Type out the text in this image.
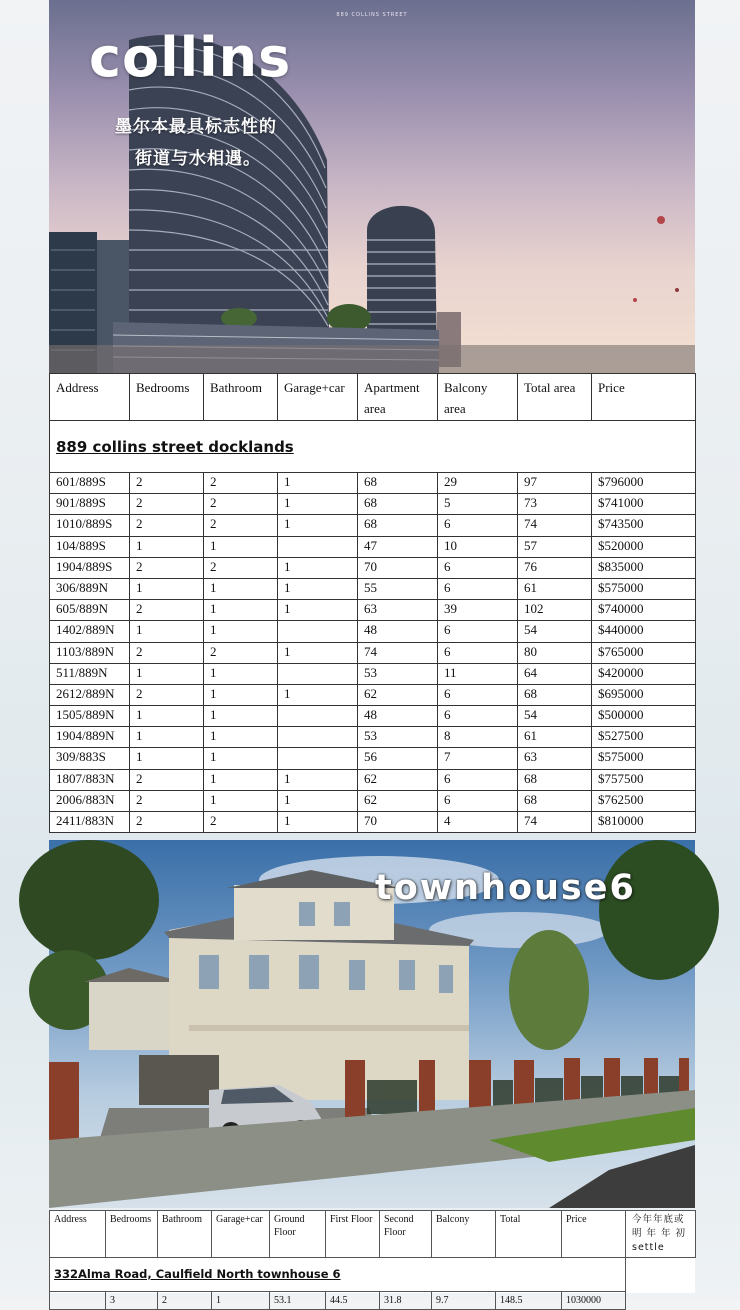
889 COLLINS STREET
collins
墨尔本最具标志性的
街道与水相遇。
Address	Bedrooms	Bathroom	Garage+car	Apartment area	Balcony area	Total area	Price
889 collins street docklands							
601/889S	2	2	1	68	29	97	$796000
901/889S	2	2	1	68	5	73	$741000
1010/889S	2	2	1	68	6	74	$743500
104/889S	1	1		47	10	57	$520000
1904/889S	2	2	1	70	6	76	$835000
306/889N	1	1	1	55	6	61	$575000
605/889N	2	1	1	63	39	102	$740000
1402/889N	1	1		48	6	54	$440000
1103/889N	2	2	1	74	6	80	$765000
511/889N	1	1		53	11	64	$420000
2612/889N	2	1	1	62	6	68	$695000
1505/889N	1	1		48	6	54	$500000
1904/889N	1	1		53	8	61	$527500
309/883S	1	1		56	7	63	$575000
1807/883N	2	1	1	62	6	68	$757500
2006/883N	2	1	1	62	6	68	$762500
2411/883N	2	2	1	70	4	74	$810000
townhouse6
Address	Bedrooms	Bathroom	Garage+car	Ground Floor	First Floor	Second Floor	Balcony	Total	Price	今年年底或
明 年 年 初
settle

332Alma Road, Caulfield North townhouse 6										
	3	2	1	53.1	44.5	31.8	9.7	148.5	1030000	
